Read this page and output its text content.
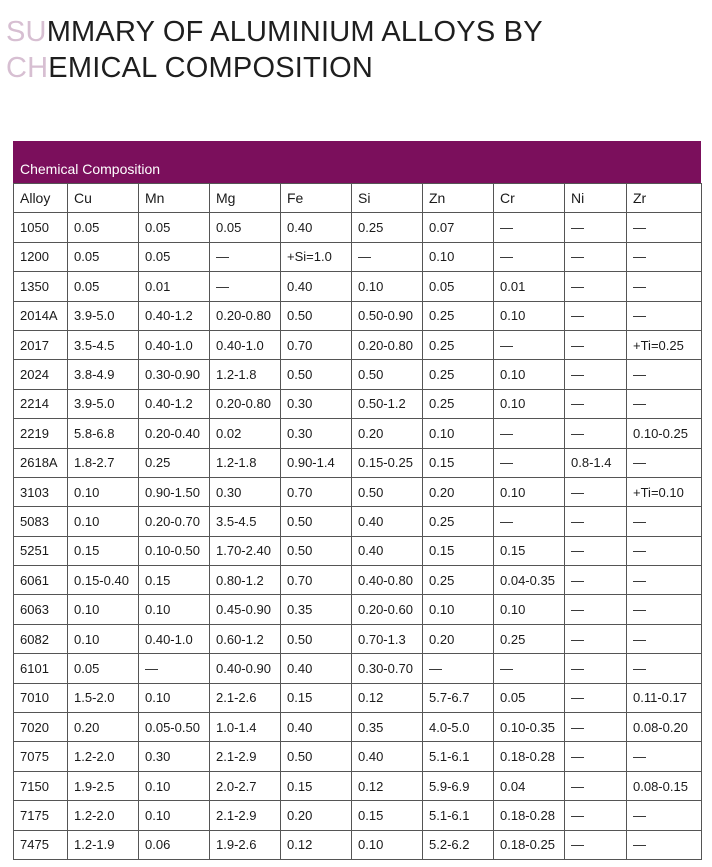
SUMMARY OF ALUMINIUM ALLOYS BY
CHEMICAL COMPOSITION
Chemical Composition
Alloy	Cu	Mn	Mg	Fe	Si	Zn	Cr	Ni	Zr
1050	0.05	0.05	0.05	0.40	0.25	0.07	—	—	—
1200	0.05	0.05	—	+Si=1.0	—	0.10	—	—	—
1350	0.05	0.01	—	0.40	0.10	0.05	0.01	—	—
2014A	3.9-5.0	0.40-1.2	0.20-0.80	0.50	0.50-0.90	0.25	0.10	—	—
2017	3.5-4.5	0.40-1.0	0.40-1.0	0.70	0.20-0.80	0.25	—	—	+Ti=0.25
2024	3.8-4.9	0.30-0.90	1.2-1.8	0.50	0.50	0.25	0.10	—	—
2214	3.9-5.0	0.40-1.2	0.20-0.80	0.30	0.50-1.2	0.25	0.10	—	—
2219	5.8-6.8	0.20-0.40	0.02	0.30	0.20	0.10	—	—	0.10-0.25
2618A	1.8-2.7	0.25	1.2-1.8	0.90-1.4	0.15-0.25	0.15	—	0.8-1.4	—
3103	0.10	0.90-1.50	0.30	0.70	0.50	0.20	0.10	—	+Ti=0.10
5083	0.10	0.20-0.70	3.5-4.5	0.50	0.40	0.25	—	—	—
5251	0.15	0.10-0.50	1.70-2.40	0.50	0.40	0.15	0.15	—	—
6061	0.15-0.40	0.15	0.80-1.2	0.70	0.40-0.80	0.25	0.04-0.35	—	—
6063	0.10	0.10	0.45-0.90	0.35	0.20-0.60	0.10	0.10	—	—
6082	0.10	0.40-1.0	0.60-1.2	0.50	0.70-1.3	0.20	0.25	—	—
6101	0.05	—	0.40-0.90	0.40	0.30-0.70	—	—	—	—
7010	1.5-2.0	0.10	2.1-2.6	0.15	0.12	5.7-6.7	0.05	—	0.11-0.17
7020	0.20	0.05-0.50	1.0-1.4	0.40	0.35	4.0-5.0	0.10-0.35	—	0.08-0.20
7075	1.2-2.0	0.30	2.1-2.9	0.50	0.40	5.1-6.1	0.18-0.28	—	—
7150	1.9-2.5	0.10	2.0-2.7	0.15	0.12	5.9-6.9	0.04	—	0.08-0.15
7175	1.2-2.0	0.10	2.1-2.9	0.20	0.15	5.1-6.1	0.18-0.28	—	—
7475	1.2-1.9	0.06	1.9-2.6	0.12	0.10	5.2-6.2	0.18-0.25	—	—
